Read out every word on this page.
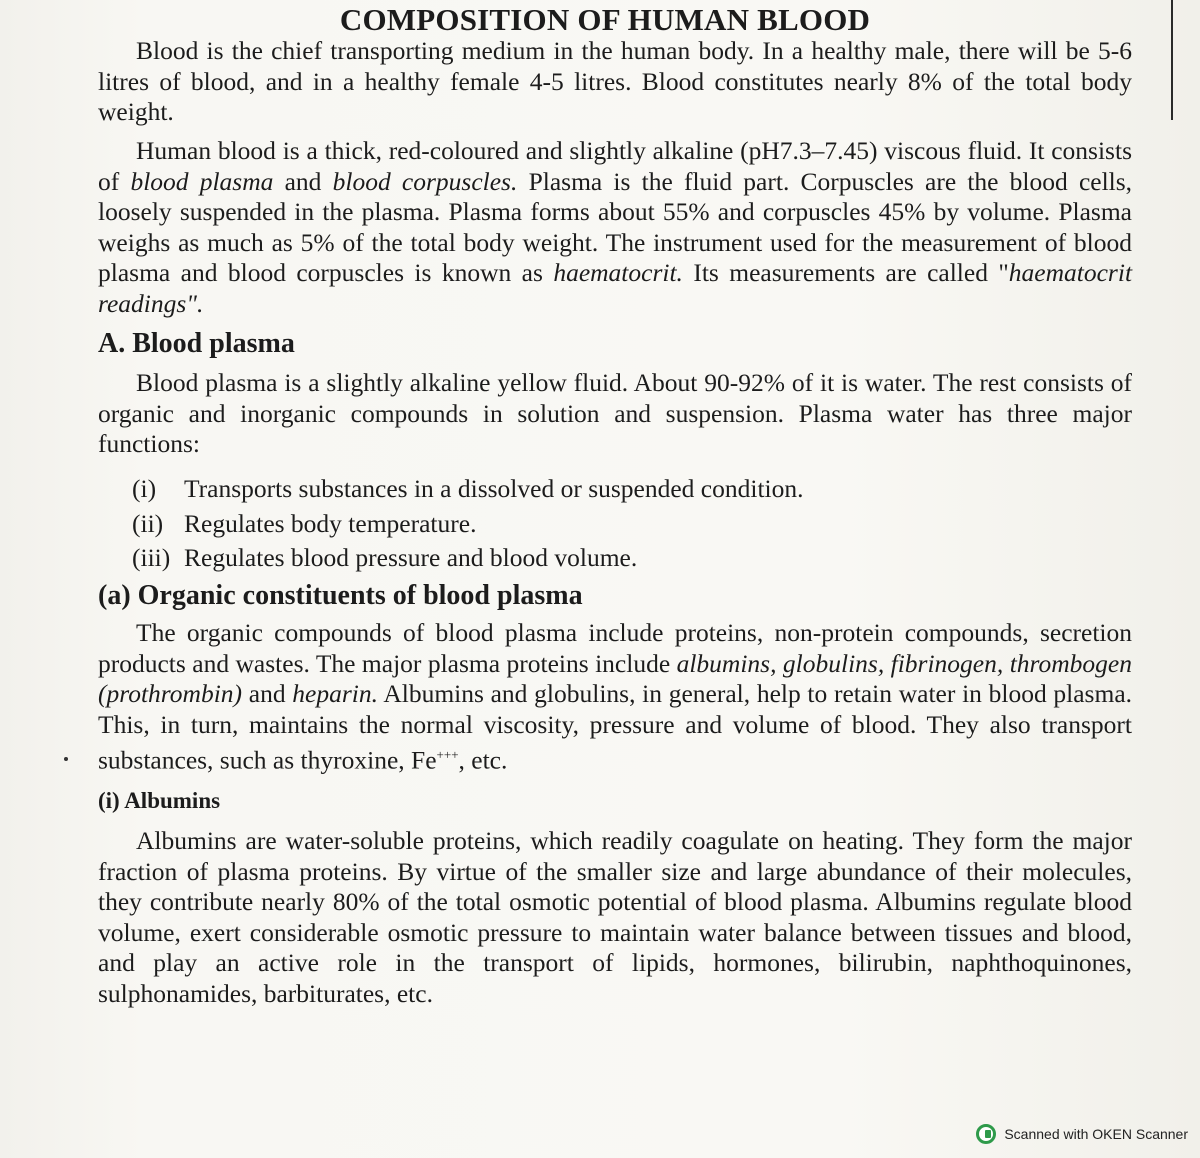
COMPOSITION OF HUMAN BLOOD

Blood is the chief transporting medium in the human body. In a healthy male, there will be 5-6 litres of blood, and in a healthy female 4-5 litres. Blood constitutes nearly 8% of the total body weight.

Human blood is a thick, red-coloured and slightly alkaline (pH7.3–7.45) viscous fluid. It consists of blood plasma and blood corpuscles. Plasma is the fluid part. Corpuscles are the blood cells, loosely suspended in the plasma. Plasma forms about 55% and corpuscles 45% by volume. Plasma weighs as much as 5% of the total body weight. The instrument used for the measurement of blood plasma and blood corpuscles is known as haematocrit. Its measurements are called "haematocrit readings".

A. Blood plasma

Blood plasma is a slightly alkaline yellow fluid. About 90-92% of it is water. The rest consists of organic and inorganic compounds in solution and suspension. Plasma water has three major functions:

(i) Transports substances in a dissolved or suspended condition.
(ii) Regulates body temperature.
(iii) Regulates blood pressure and blood volume.
(a) Organic constituents of blood plasma

The organic compounds of blood plasma include proteins, non-protein compounds, secretion products and wastes. The major plasma proteins include albumins, globulins, fibrinogen, thrombogen (prothrombin) and heparin. Albumins and globulins, in general, help to retain water in blood plasma. This, in turn, maintains the normal viscosity, pressure and volume of blood. They also transport substances, such as thyroxine, Fe+++, etc.

(i) Albumins

Albumins are water-soluble proteins, which readily coagulate on heating. They form the major fraction of plasma proteins. By virtue of the smaller size and large abundance of their molecules, they contribute nearly 80% of the total osmotic potential of blood plasma. Albumins regulate blood volume, exert considerable osmotic pressure to maintain water balance between tissues and blood, and play an active role in the transport of lipids, hormones, bilirubin, naphthoquinones, sulphonamides, barbiturates, etc.

Scanned with OKEN Scanner
